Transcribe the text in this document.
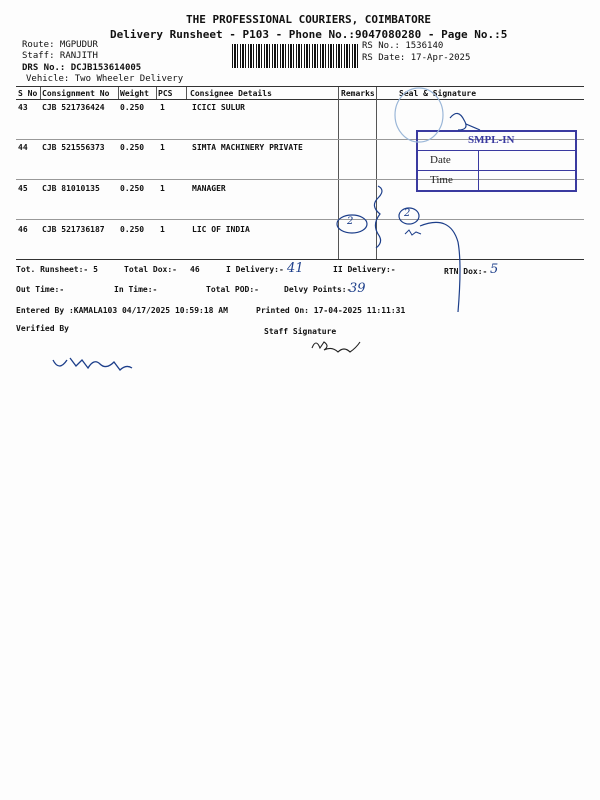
THE PROFESSIONAL COURIERS, COIMBATORE
Delivery Runsheet - P103 - Phone No.:9047080280 - Page No.:5
Route: MGPUDUR
Staff: RANJITH
DRS No.: DCJB153614005
Vehicle: Two Wheeler Delivery
RS No.: 1536140
RS Date: 17-Apr-2025
S No Consignment No Weight PCS Consignee Details	Remarks	Seal & Signature
43 CJB 521736424 0.250 1	ICICI SULUR
44 CJB 521556373 0.250 1	SIMTA MACHINERY PRIVATE
45 CJB 81010135	0.250 1	MANAGER
46 CJB 521736187 0.250 1	LIC OF INDIA
SMPL-IN
Date
Time
2
2
Tot. Runsheet:- 5	Total Dox:- 46	I Delivery:- 41	II Delivery:-	RTN Dox:- 5
Out Time:-	In Time:-	Total POD:-	Delvy Points:-
39
Entered By :KAMALA103 04/17/2025 10:59:18 AM	Printed On: 17-04-2025 11:11:31
Verified By	Staff Signature
